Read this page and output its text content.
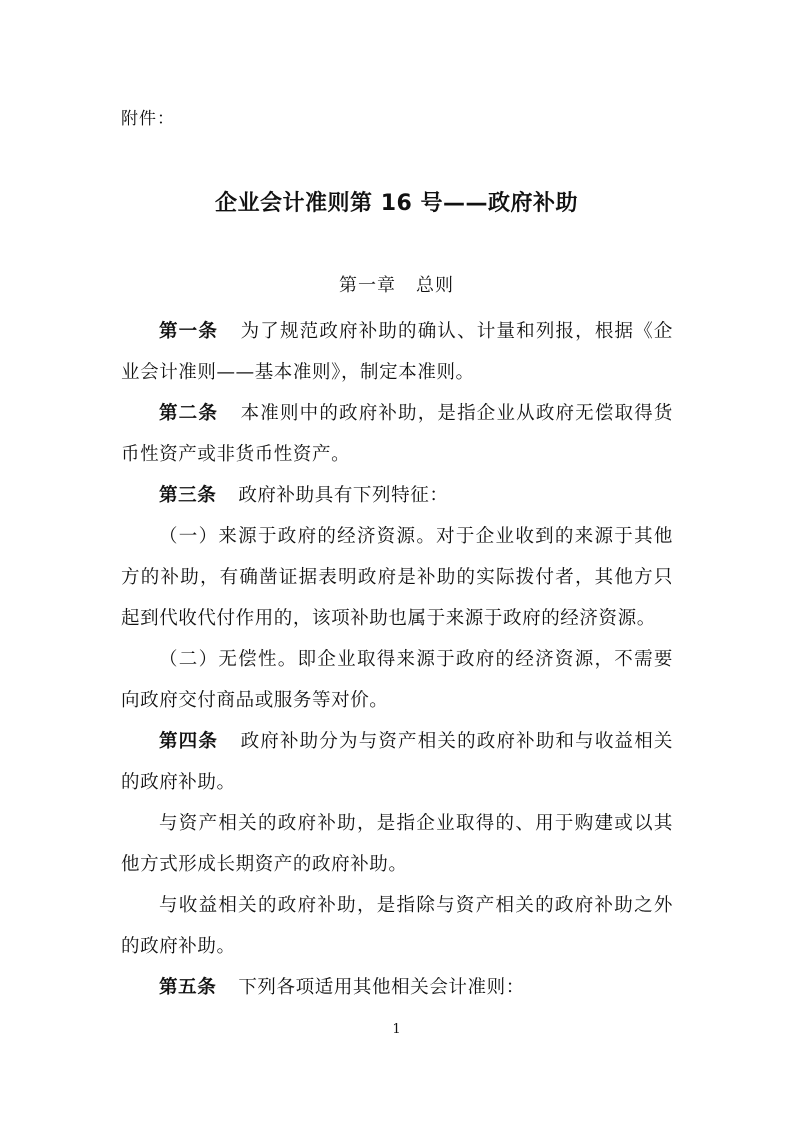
附件：
企业会计准则第 16 号——政府补助
第一章 总则

第一条 为了规范政府补助的确认、计量和列报，根据《企业会计准则——基本准则》，制定本准则。

第二条 本准则中的政府补助，是指企业从政府无偿取得货币性资产或非货币性资产。

第三条 政府补助具有下列特征：

（一）来源于政府的经济资源。对于企业收到的来源于其他方的补助，有确凿证据表明政府是补助的实际拨付者，其他方只起到代收代付作用的，该项补助也属于来源于政府的经济资源。

（二）无偿性。即企业取得来源于政府的经济资源，不需要向政府交付商品或服务等对价。

第四条 政府补助分为与资产相关的政府补助和与收益相关的政府补助。

与资产相关的政府补助，是指企业取得的、用于购建或以其他方式形成长期资产的政府补助。

与收益相关的政府补助，是指除与资产相关的政府补助之外的政府补助。

第五条 下列各项适用其他相关会计准则：

1
